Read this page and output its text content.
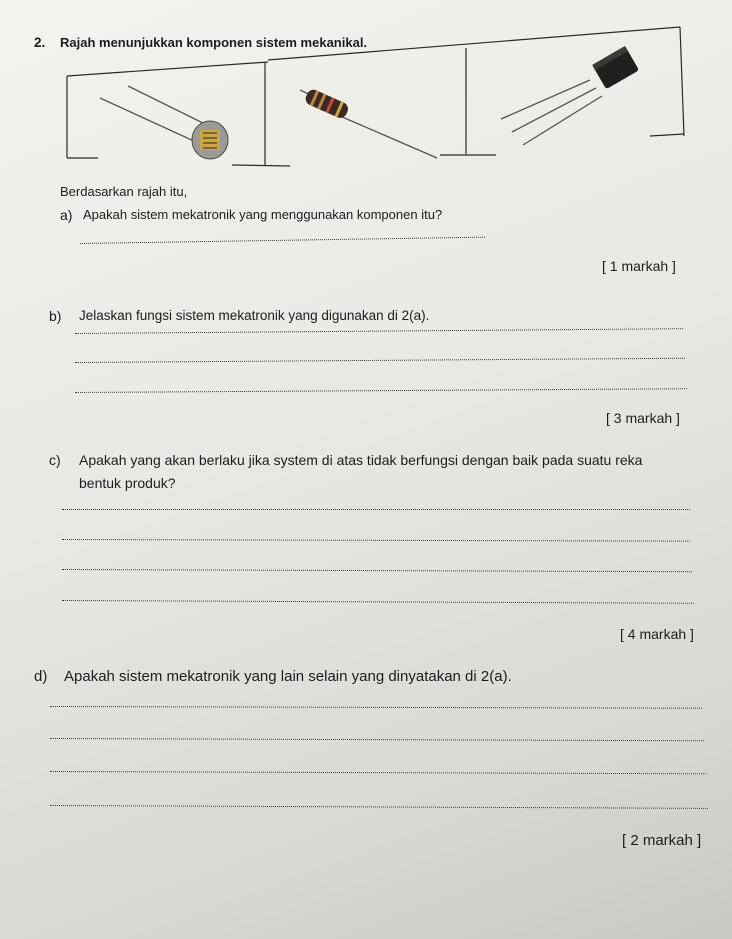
2. Rajah menunjukkan komponen sistem mekanikal.
Berdasarkan rajah itu,
a) Apakah sistem mekatronik yang menggunakan komponen itu?
[ 1 markah ]
b) Jelaskan fungsi sistem mekatronik yang digunakan di 2(a).
[ 3 markah ]
c) Apakah yang akan berlaku jika system di atas tidak berfungsi dengan baik pada suatu reka
bentuk produk?
[ 4 markah ]
d) Apakah sistem mekatronik yang lain selain yang dinyatakan di 2(a).
[ 2 markah ]
